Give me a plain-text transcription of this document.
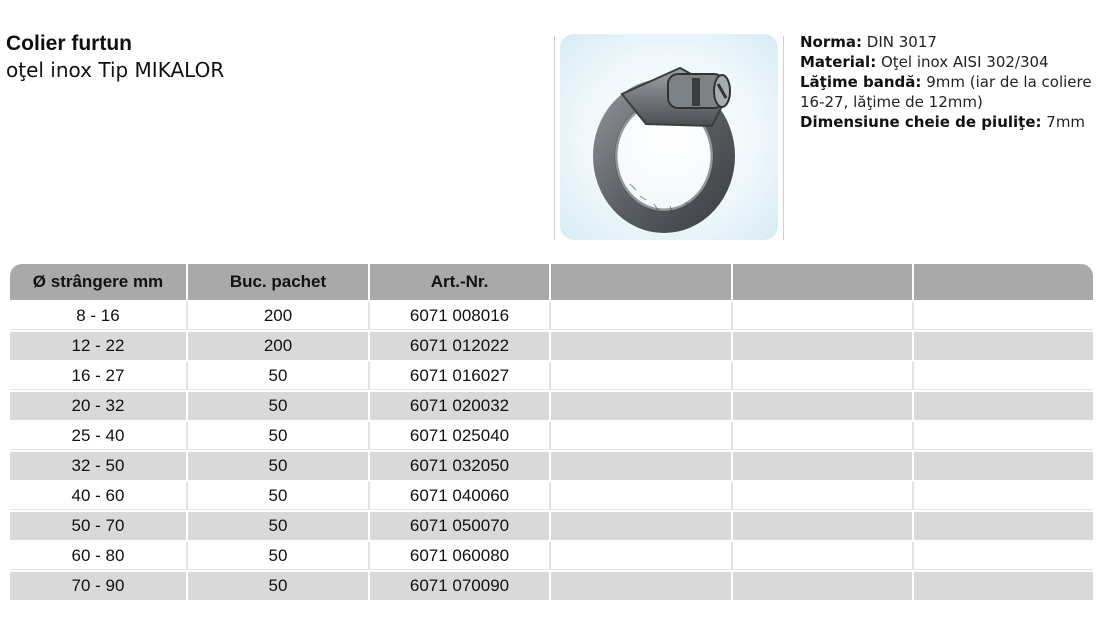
Colier furtun
oţel inox Tip MIKALOR
Norma: DIN 3017
Material: Oţel inox AISI 302/304
Lăţime bandă: 9mm (iar de la coliere 16-27, lăţime de 12mm)
Dimensiune cheie de piuliţe: 7mm
Ø strângere mm	Buc. pachet	Art.-Nr.
8 - 16	200	6071 008016
12 - 22	200	6071 012022
16 - 27	50	6071 016027
20 - 32	50	6071 020032
25 - 40	50	6071 025040
32 - 50	50	6071 032050
40 - 60	50	6071 040060
50 - 70	50	6071 050070
60 - 80	50	6071 060080
70 - 90	50	6071 070090
